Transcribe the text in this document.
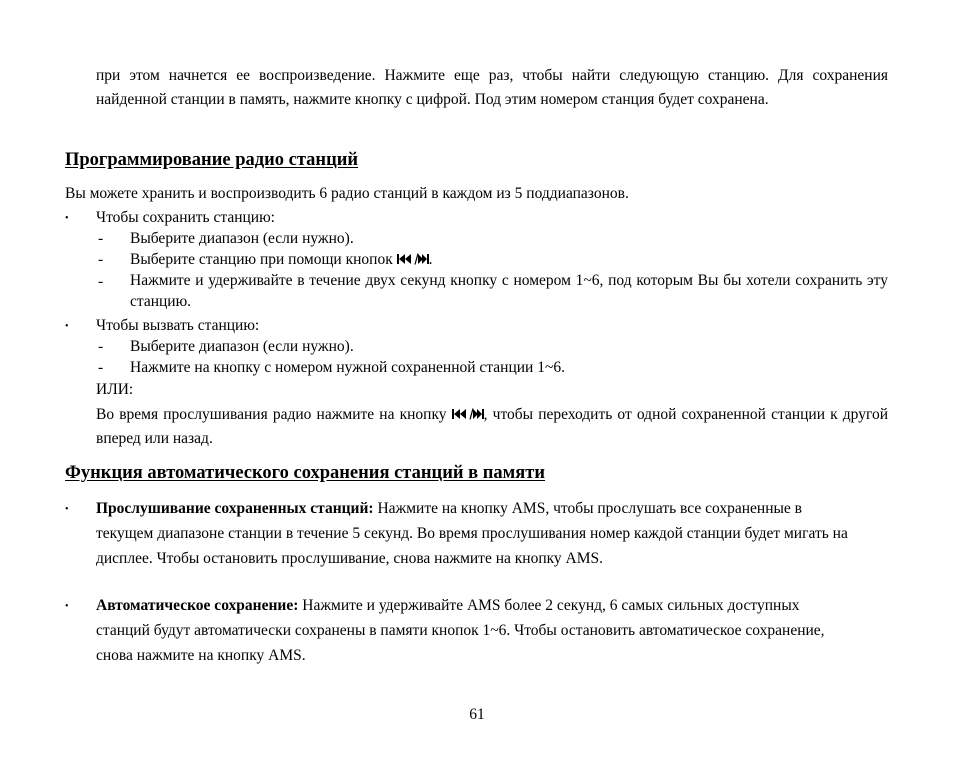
при этом начнется ее воспроизведение. Нажмите еще раз, чтобы найти следующую станцию. Для сохранения найденной станции в память, нажмите кнопку с цифрой. Под этим номером станция будет сохранена.

Программирование радио станций

Вы можете хранить и воспроизводить 6 радио станций в каждом из 5 поддиапазонов.

• Чтобы сохранить станцию:

- Выберите диапазон (если нужно).

- Выберите станцию при помощи кнопок .

- Нажмите и удерживайте в течение двух секунд кнопку с номером 1~6, под которым Вы бы хотели сохранить эту станцию.

• Чтобы вызвать станцию:

- Выберите диапазон (если нужно).

- Нажмите на кнопку с номером нужной сохраненной станции 1~6.

ИЛИ:

Во время прослушивания радио нажмите на кнопку , чтобы переходить от одной сохраненной станции к другой вперед или назад.

Функция автоматического сохранения станций в памяти
• Прослушивание сохраненных станций: Нажмите на кнопку AMS, чтобы прослушать все сохраненные в текущем диапазоне станции в течение 5 секунд. Во время прослушивания номер каждой станции будет мигать на дисплее. Чтобы остановить прослушивание, снова нажмите на кнопку AMS.

• Автоматическое сохранение: Нажмите и удерживайте AMS более 2 секунд, 6 самых сильных доступных станций будут автоматически сохранены в памяти кнопок 1~6. Чтобы остановить автоматическое сохранение, снова нажмите на кнопку AMS.

61
